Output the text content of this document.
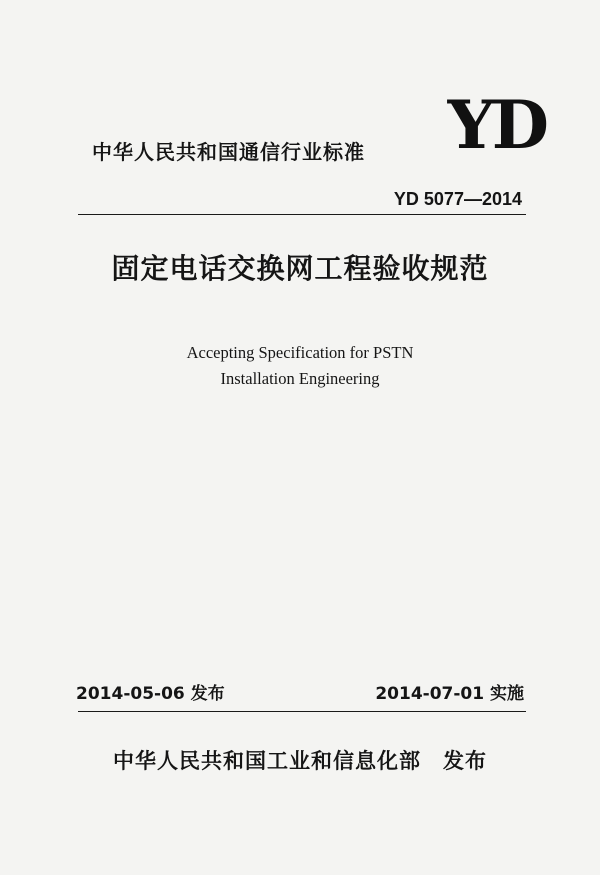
YD
中华人民共和国通信行业标准
YD 5077—2014
固定电话交换网工程验收规范
Accepting Specification for PSTN
Installation Engineering
2014-05-06 发布	2014-07-01 实施
中华人民共和国工业和信息化部 发布
